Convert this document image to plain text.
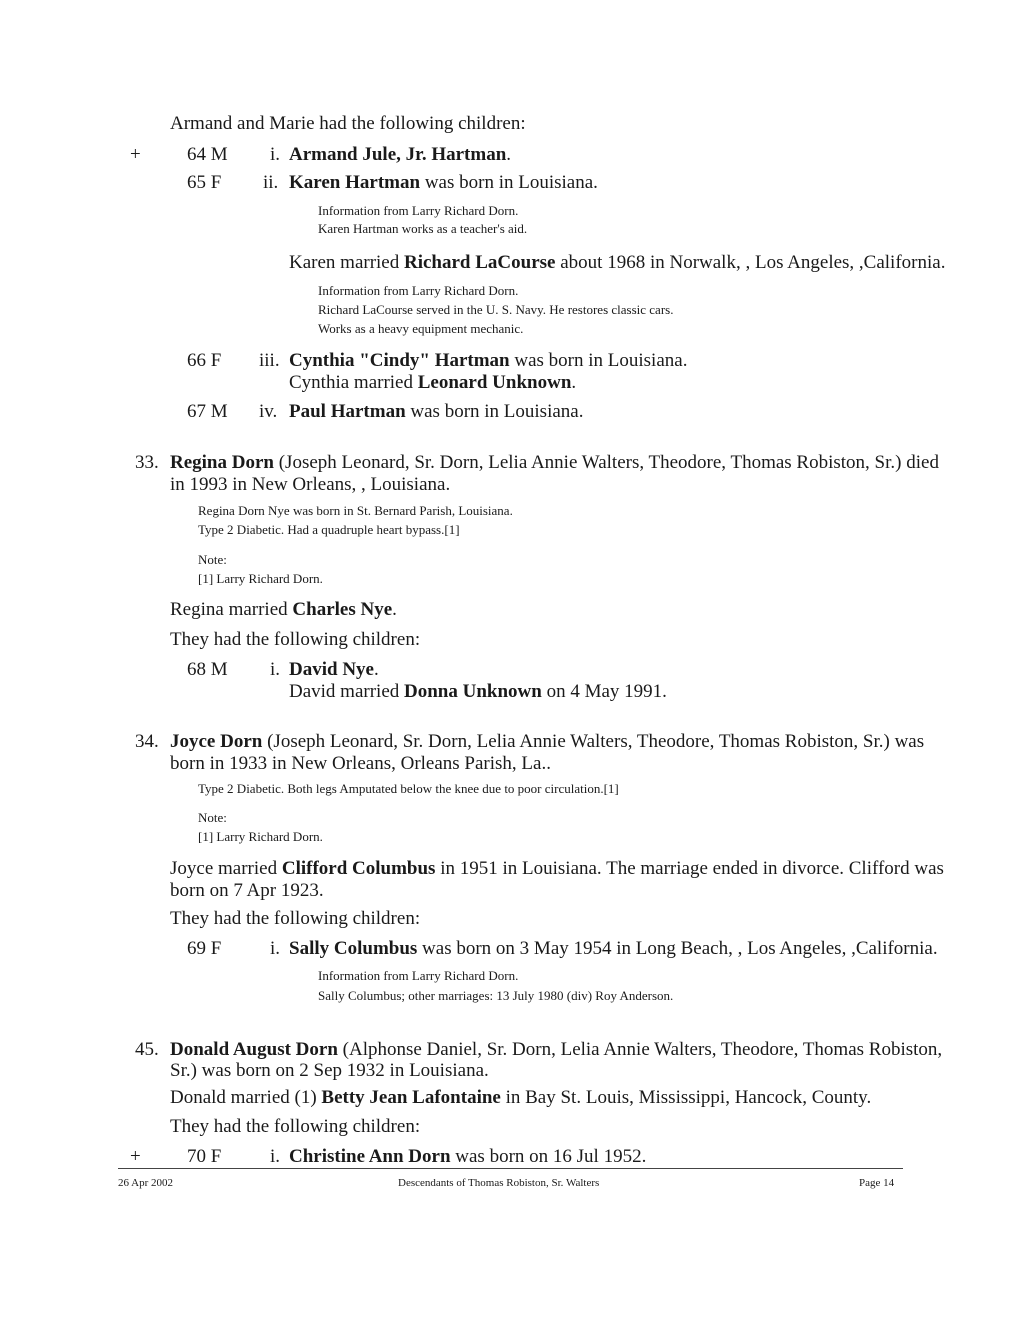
Armand and Marie had the following children:
+ 64 M i. Armand Jule, Jr. Hartman.
65 F ii. Karen Hartman was born in Louisiana.
Information from Larry Richard Dorn.
Karen Hartman works as a teacher's aid.
Karen married Richard LaCourse about 1968 in Norwalk, , Los Angeles, ,California.
Information from Larry Richard Dorn.
Richard LaCourse served in the U. S. Navy. He restores classic cars.
Works as a heavy equipment mechanic.
66 F iii. Cynthia "Cindy" Hartman was born in Louisiana.
Cynthia married Leonard Unknown.
67 M iv. Paul Hartman was born in Louisiana.
33. Regina Dorn (Joseph Leonard, Sr. Dorn, Lelia Annie Walters, Theodore, Thomas Robiston, Sr.) died
in 1993 in New Orleans, , Louisiana.
Regina Dorn Nye was born in St. Bernard Parish, Louisiana.
Type 2 Diabetic. Had a quadruple heart bypass.[1]
Note:
[1] Larry Richard Dorn.
Regina married Charles Nye.
They had the following children:
68 M i. David Nye.
David married Donna Unknown on 4 May 1991.
34. Joyce Dorn (Joseph Leonard, Sr. Dorn, Lelia Annie Walters, Theodore, Thomas Robiston, Sr.) was
born in 1933 in New Orleans, Orleans Parish, La..
Type 2 Diabetic. Both legs Amputated below the knee due to poor circulation.[1]
Note:
[1] Larry Richard Dorn.
Joyce married Clifford Columbus in 1951 in Louisiana. The marriage ended in divorce. Clifford was
born on 7 Apr 1923.
They had the following children:
69 F	i. Sally Columbus was born on 3 May 1954 in Long Beach, , Los Angeles, ,California.
Information from Larry Richard Dorn.
Sally Columbus; other marriages: 13 July 1980 (div) Roy Anderson.
45. Donald August Dorn (Alphonse Daniel, Sr. Dorn, Lelia Annie Walters, Theodore, Thomas Robiston,
Sr.) was born on 2 Sep 1932 in Louisiana.
Donald married (1) Betty Jean Lafontaine in Bay St. Louis, Mississippi, Hancock, County.
They had the following children:
+ 70 F	i. Christine Ann Dorn was born on 16 Jul 1952.
26 Apr 2002	Descendants of Thomas Robiston, Sr. Walters	Page 14
